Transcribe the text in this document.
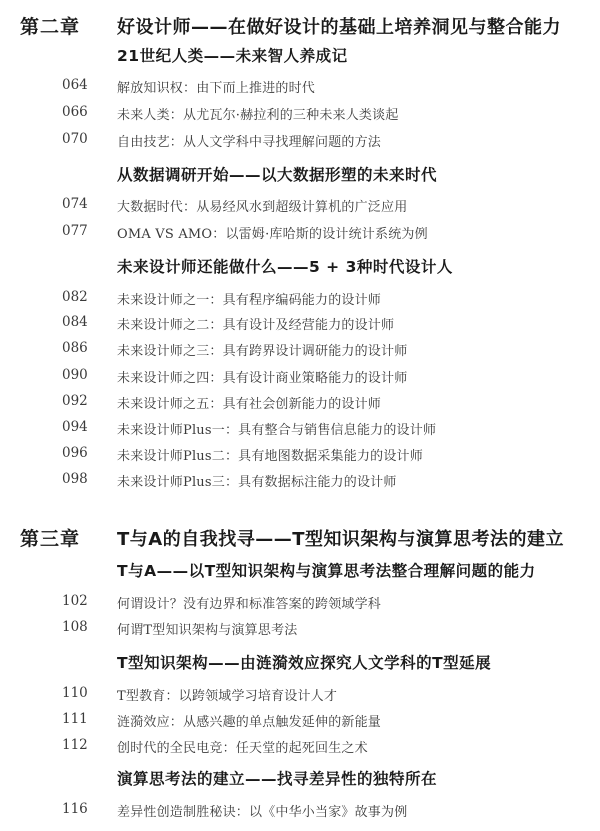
第二章 好设计师——在做好设计的基础上培养洞见与整合能力
21世纪人类——未来智人养成记
064 解放知识权：由下而上推进的时代
066 未来人类：从尤瓦尔·赫拉利的三种未来人类谈起
070 自由技艺：从人文学科中寻找理解问题的方法
从数据调研开始——以大数据形塑的未来时代
074 大数据时代：从易经风水到超级计算机的广泛应用
077 OMA VS AMO：以雷姆·库哈斯的设计统计系统为例
未来设计师还能做什么——5 + 3种时代设计人
082 未来设计师之一：具有程序编码能力的设计师
084 未来设计师之二：具有设计及经营能力的设计师
086 未来设计师之三：具有跨界设计调研能力的设计师
090 未来设计师之四：具有设计商业策略能力的设计师
092 未来设计师之五：具有社会创新能力的设计师
094 未来设计师Plus一：具有整合与销售信息能力的设计师
096 未来设计师Plus二：具有地图数据采集能力的设计师
098 未来设计师Plus三：具有数据标注能力的设计师
第三章 T与A的自我找寻——T型知识架构与演算思考法的建立
T与A——以T型知识架构与演算思考法整合理解问题的能力
102 何谓设计？没有边界和标准答案的跨领域学科
108 何谓T型知识架构与演算思考法
T型知识架构——由涟漪效应探究人文学科的T型延展
110 T型教育：以跨领域学习培育设计人才
111 涟漪效应：从感兴趣的单点触发延伸的新能量
112 创时代的全民电竞：任天堂的起死回生之术
演算思考法的建立——找寻差异性的独特所在
116 差异性创造制胜秘诀：以《中华小当家》故事为例
